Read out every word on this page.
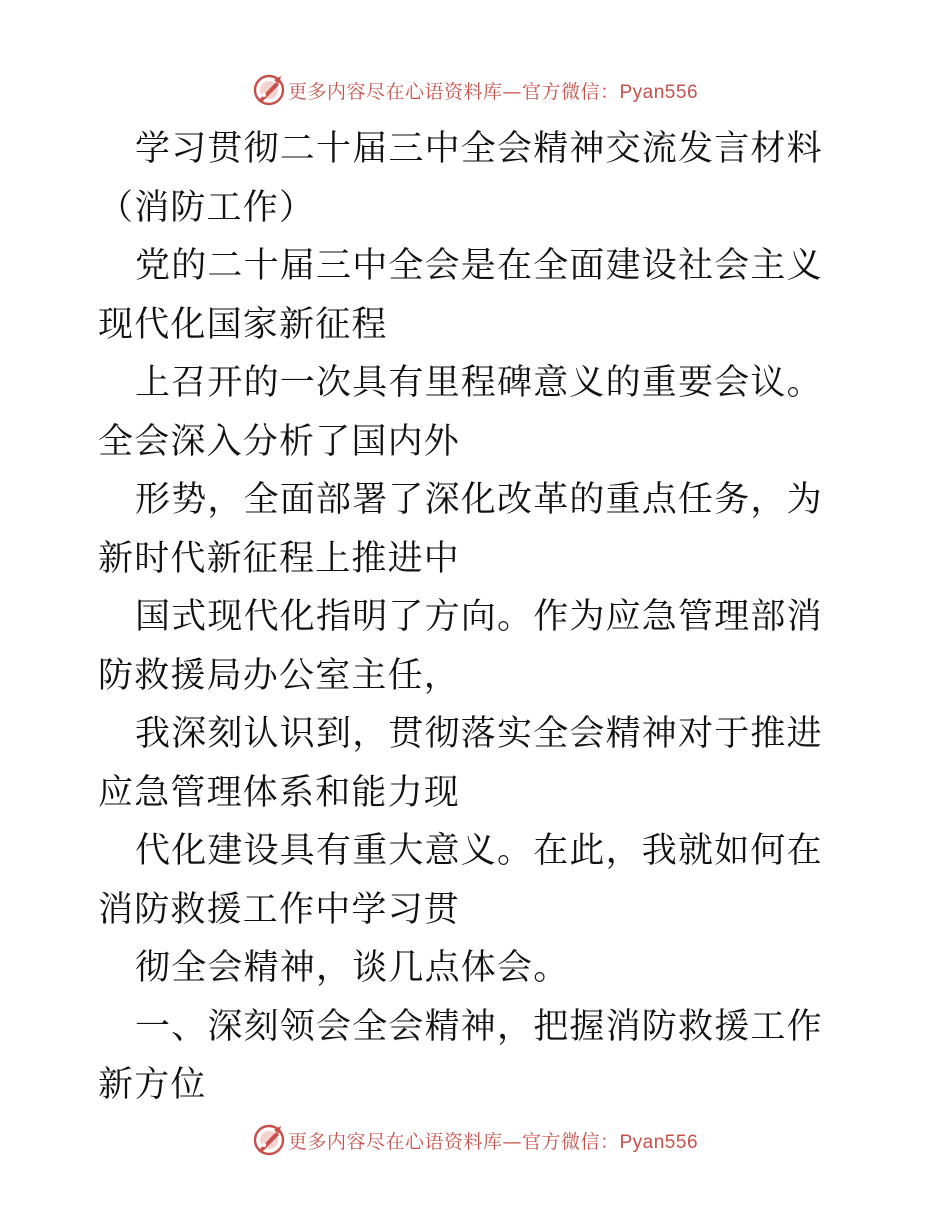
更多内容尽在心语资料库—官方微信：Pyan556

学习贯彻二十届三中全会精神交流发言材料（消防工作）

党的二十届三中全会是在全面建设社会主义现代化国家新征程

上召开的一次具有里程碑意义的重要会议。全会深入分析了国内外

形势，全面部署了深化改革的重点任务，为新时代新征程上推进中

国式现代化指明了方向。作为应急管理部消防救援局办公室主任，

我深刻认识到，贯彻落实全会精神对于推进应急管理体系和能力现

代化建设具有重大意义。在此，我就如何在消防救援工作中学习贯

彻全会精神，谈几点体会。

一、深刻领会全会精神，把握消防救援工作新方位

更多内容尽在心语资料库—官方微信：Pyan556
